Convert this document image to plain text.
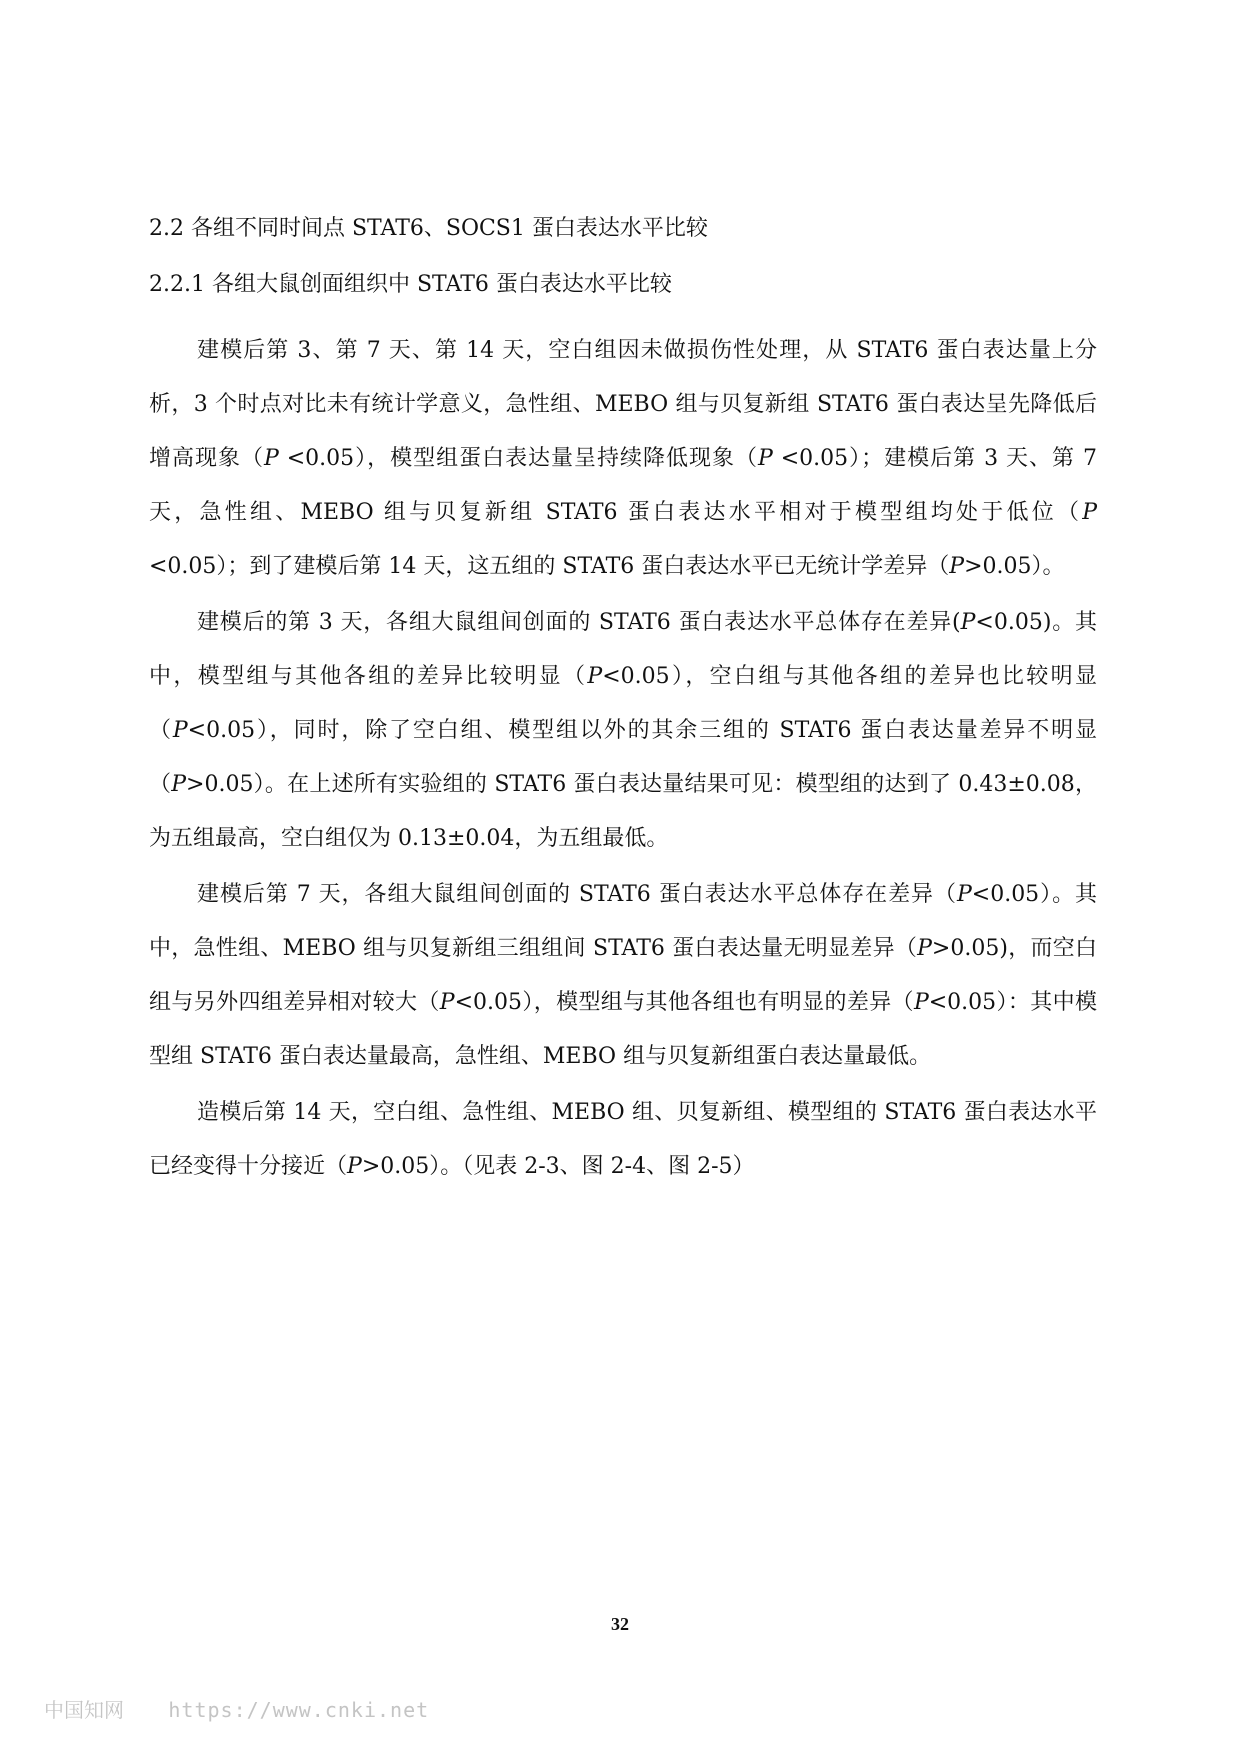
2.2 各组不同时间点 STAT6、SOCS1 蛋白表达水平比较
2.2.1 各组大鼠创面组织中 STAT6 蛋白表达水平比较

建模后第 3、第 7 天、第 14 天，空白组因未做损伤性处理，从 STAT6 蛋白表达量上分析，3 个时点对比未有统计学意义，急性组、MEBO 组与贝复新组 STAT6 蛋白表达呈先降低后增高现象（P <0.05），模型组蛋白表达量呈持续降低现象（P <0.05）；建模后第 3 天、第 7 天，急性组、MEBO 组与贝复新组 STAT6 蛋白表达水平相对于模型组均处于低位（P <0.05）；到了建模后第 14 天，这五组的 STAT6 蛋白表达水平已无统计学差异（P>0.05）。

建模后的第 3 天，各组大鼠组间创面的 STAT6 蛋白表达水平总体存在差异(P<0.05)。其中，模型组与其他各组的差异比较明显（P<0.05），空白组与其他各组的差异也比较明显（P<0.05），同时，除了空白组、模型组以外的其余三组的 STAT6 蛋白表达量差异不明显（P>0.05）。在上述所有实验组的 STAT6 蛋白表达量结果可见：模型组的达到了 0.43±0.08，为五组最高，空白组仅为 0.13±0.04，为五组最低。

建模后第 7 天，各组大鼠组间创面的 STAT6 蛋白表达水平总体存在差异（P<0.05）。其中，急性组、MEBO 组与贝复新组三组组间 STAT6 蛋白表达量无明显差异（P>0.05)，而空白组与另外四组差异相对较大（P<0.05），模型组与其他各组也有明显的差异（P<0.05）：其中模型组 STAT6 蛋白表达量最高，急性组、MEBO 组与贝复新组蛋白表达量最低。

造模后第 14 天，空白组、急性组、MEBO 组、贝复新组、模型组的 STAT6 蛋白表达水平已经变得十分接近（P>0.05）。（见表 2-3、图 2-4、图 2-5）

32
中国知网 https://www.cnki.net
